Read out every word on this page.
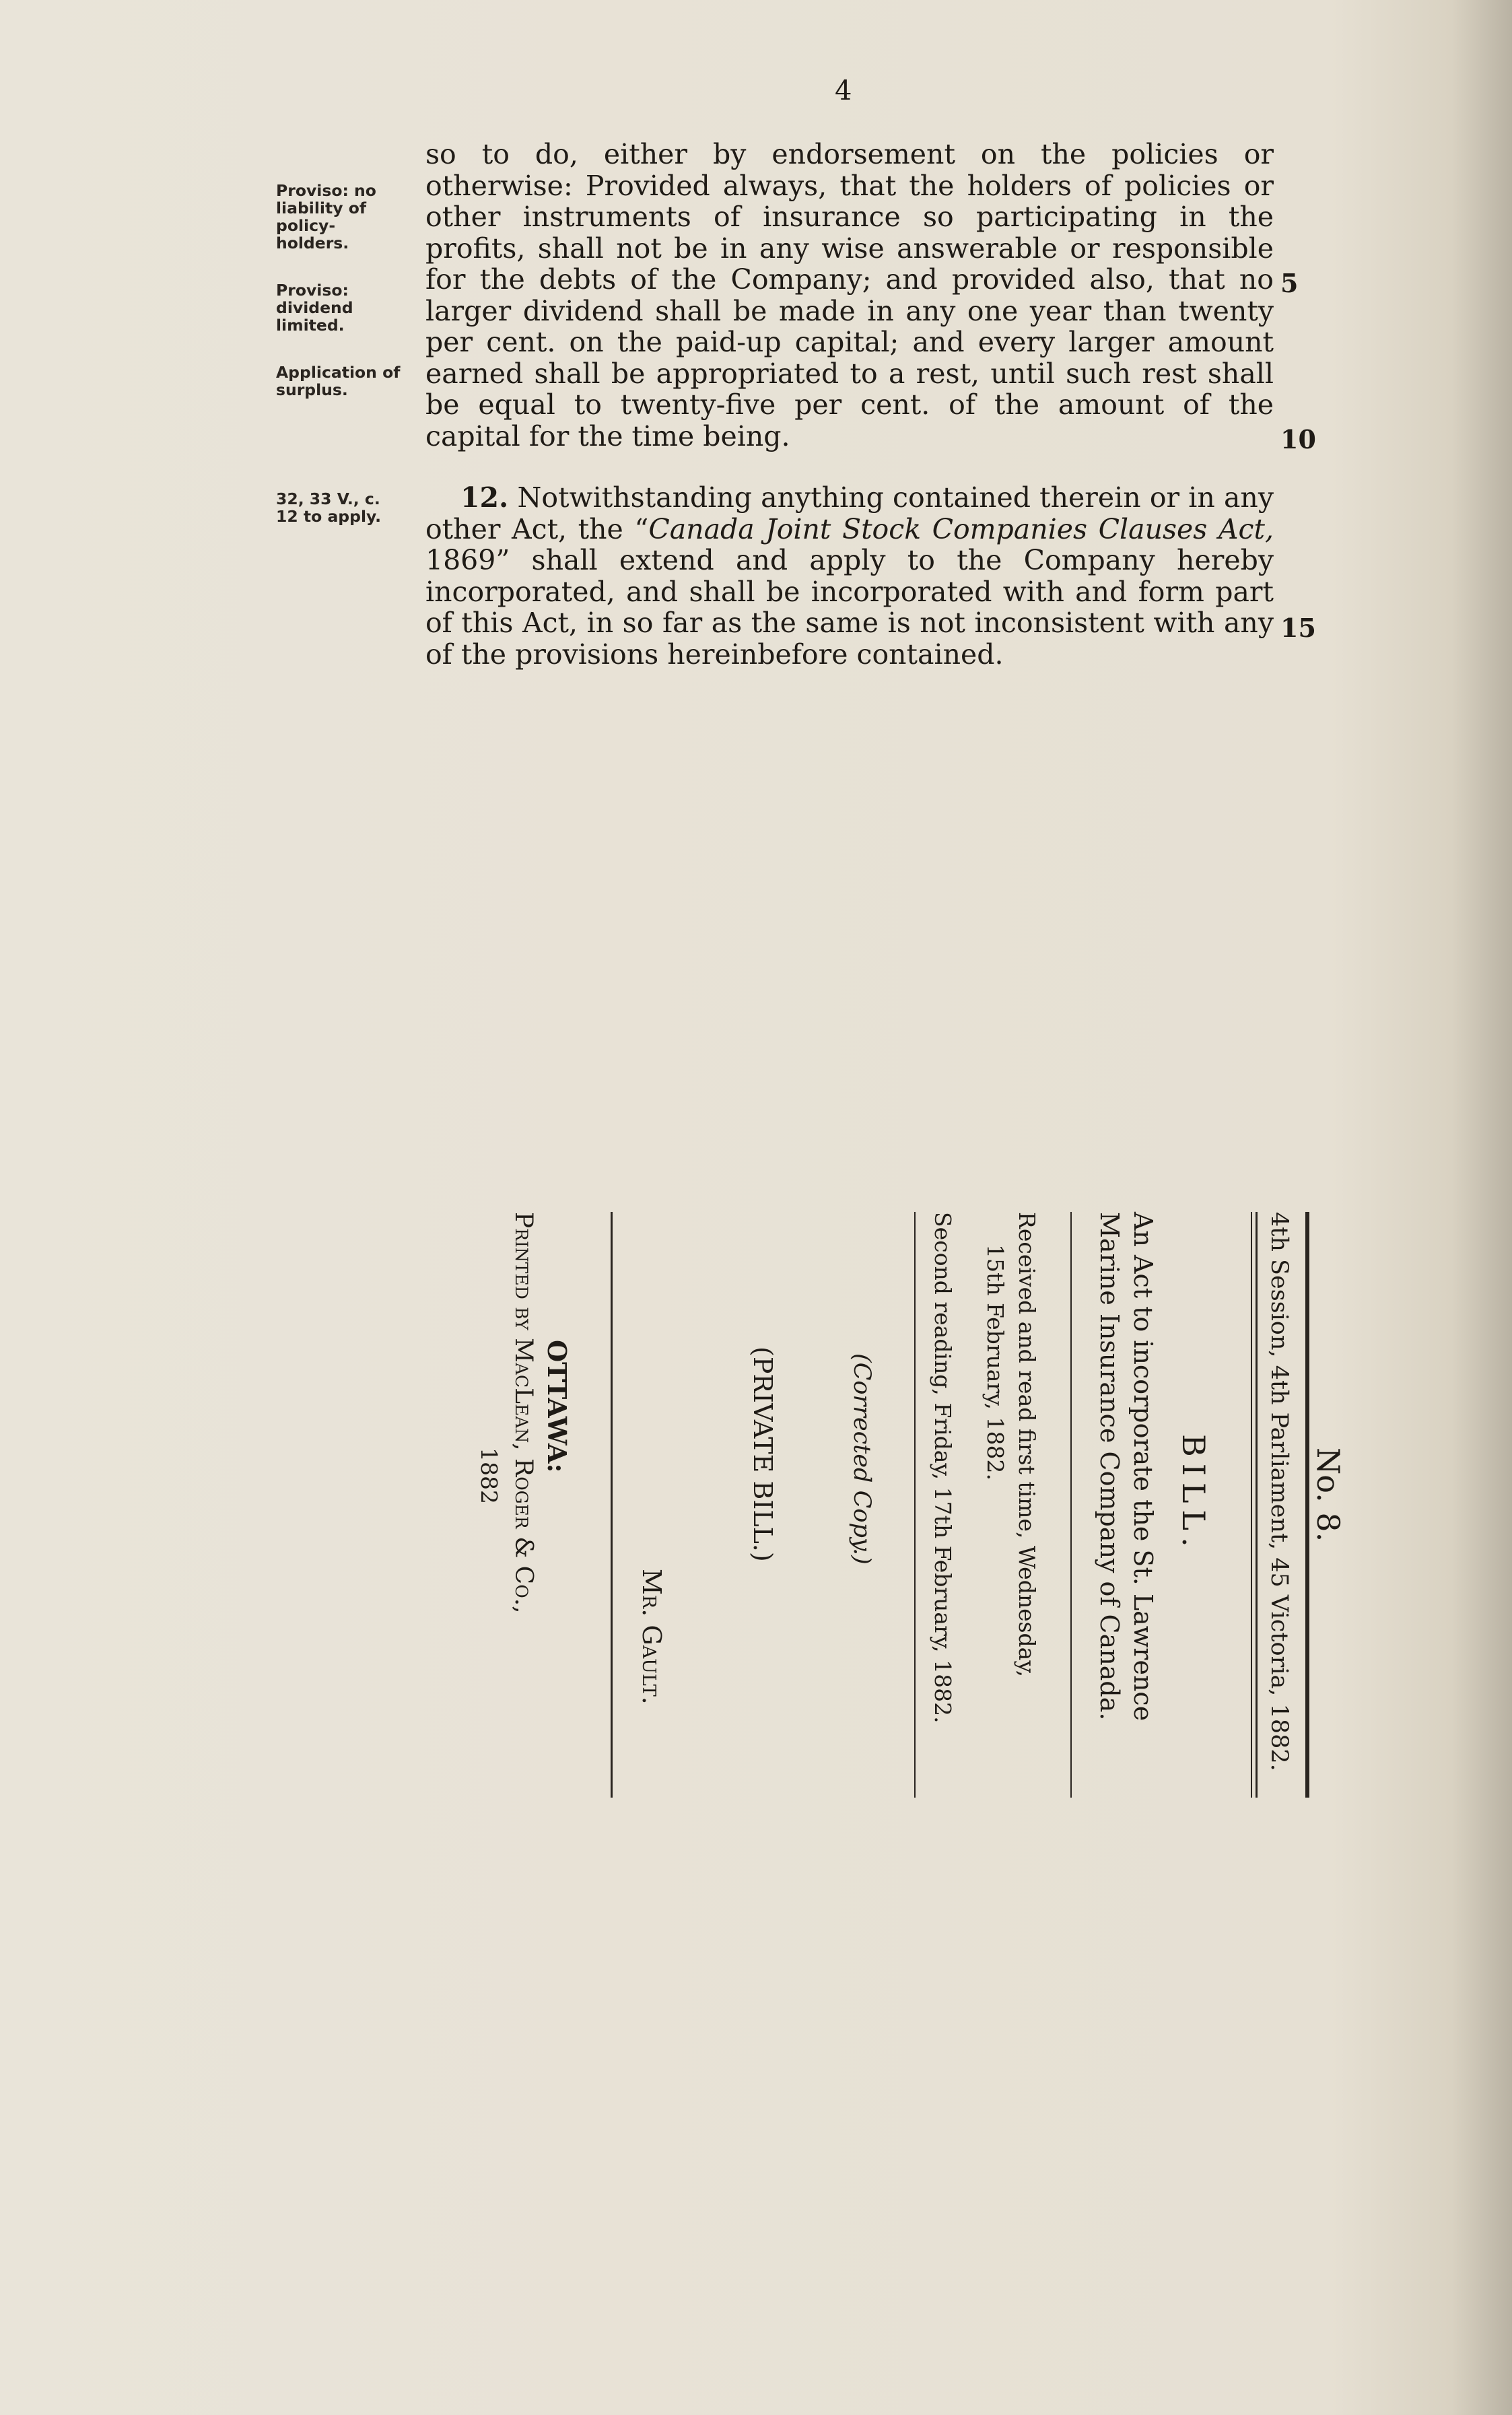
4
Proviso: no liability of policy-holders.
Proviso: dividend limited.
Application of surplus.
32, 33 V., c. 12 to apply.

so to do, either by endorsement on the policies or otherwise: Provided always, that the holders of policies or other instruments of insurance so participating in the profits, shall not be in any wise answerable or responsible for the debts of the Company; and provided also, that no larger dividend shall be made in any one year than twenty per cent. on the paid-up capital; and every larger amount earned shall be appropriated to a rest, until such rest shall be equal to twenty-five per cent. of the amount of the capital for the time being.

12. Notwithstanding anything contained therein or in any other Act, the “Canada Joint Stock Companies Clauses Act, 1869” shall extend and apply to the Company hereby incorporated, and shall be incorporated with and form part of this Act, in so far as the same is not inconsistent with any of the provisions hereinbefore contained.

5
10
15
No. 8.
4th Session, 4th Parliament, 45 Victoria, 1882.
BILL.
An Act to incorporate the St. Lawrence
Marine Insurance Company of Canada.
Received and read first time, Wednesday,
15th February, 1882.
Second reading, Friday, 17th February, 1882.
(Corrected Copy.)
(PRIVATE BILL.)
Mr. Gault.
OTTAWA:
Printed by MacLean, Roger & Co.,
1882
